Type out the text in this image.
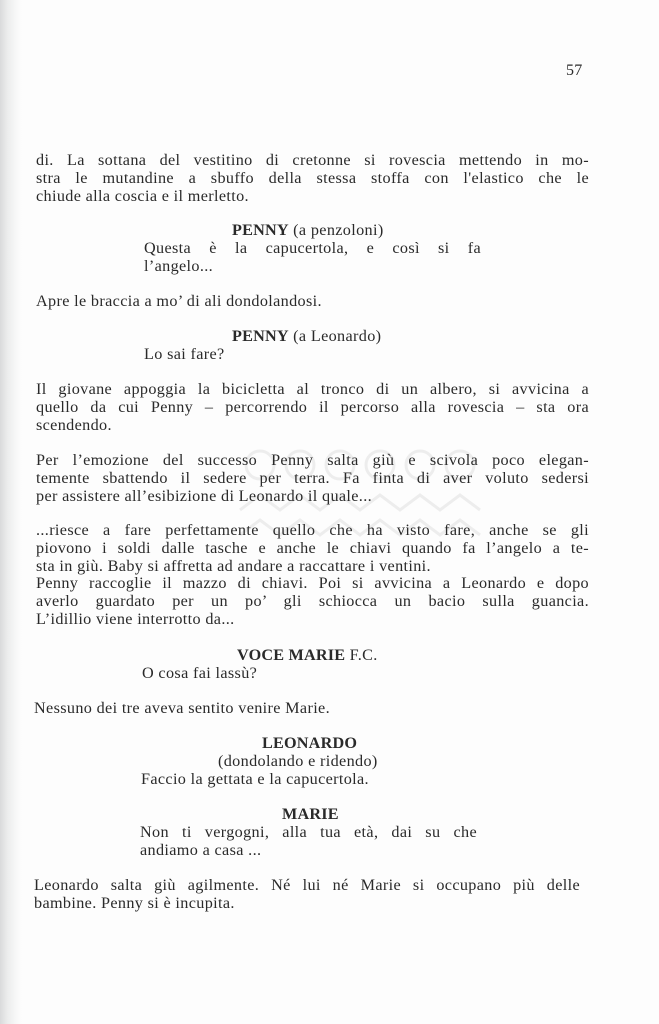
57
di. La sottana del vestitino di cretonne si rovescia mettendo in mo-
stra le mutandine a sbuffo della stessa stoffa con l'elastico che le
chiude alla coscia e il merletto.
PENNY (a penzoloni)
Questa è la capucertola, e così si fa
l’angelo...
Apre le braccia a mo’ di ali dondolandosi.
PENNY (a Leonardo)
Lo sai fare?
Il giovane appoggia la bicicletta al tronco di un albero, si avvicina a
quello da cui Penny – percorrendo il percorso alla rovescia – sta ora
scendendo.
Per l’emozione del successo Penny salta giù e scivola poco elegan-
temente sbattendo il sedere per terra. Fa finta di aver voluto sedersi
per assistere all’esibizione di Leonardo il quale...
...riesce a fare perfettamente quello che ha visto fare, anche se gli
piovono i soldi dalle tasche e anche le chiavi quando fa l’angelo a te-
sta in giù. Baby si affretta ad andare a raccattare i ventini.
Penny raccoglie il mazzo di chiavi. Poi si avvicina a Leonardo e dopo
averlo guardato per un po’ gli schiocca un bacio sulla guancia.
L’idillio viene interrotto da...
VOCE MARIE F.C.
O cosa fai lassù?
Nessuno dei tre aveva sentito venire Marie.
LEONARDO
(dondolando e ridendo)
Faccio la gettata e la capucertola.
MARIE
Non ti vergogni, alla tua età, dai su che
andiamo a casa ...
Leonardo salta giù agilmente. Né lui né Marie si occupano più delle
bambine. Penny si è incupita.
